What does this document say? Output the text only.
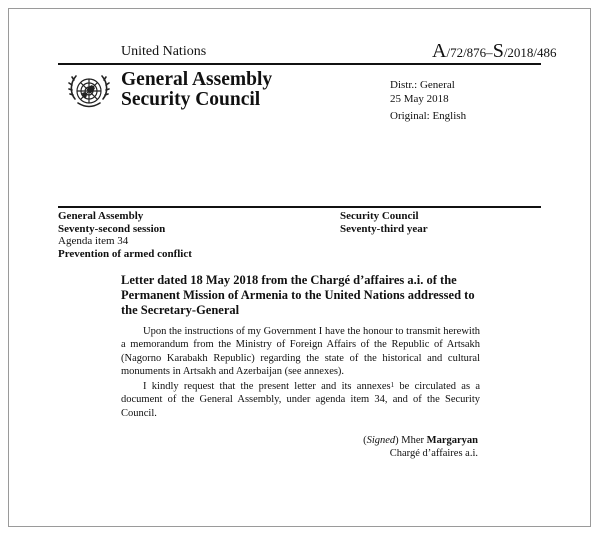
United Nations	A/72/876–S/2018/486
General Assembly
Security Council
Distr.: General
25 May 2018
Original: English
General Assembly
Seventy-second session
Agenda item 34
Prevention of armed conflict
Security Council
Seventy-third year
Letter dated 18 May 2018 from the Chargé d’affaires a.i. of the Permanent Mission of Armenia to the United Nations addressed to the Secretary-General

Upon the instructions of my Government I have the honour to transmit herewith a memorandum from the Ministry of Foreign Affairs of the Republic of Artsakh (Nagorno Karabakh Republic) regarding the state of the historical and cultural monuments in Artsakh and Azerbaijan (see annexes).

I kindly request that the present letter and its annexes$^1$ be circulated as a document of the General Assembly, under agenda item 34, and of the Security Council.

(Signed) Mher Margaryan
Chargé d’affaires a.i.
